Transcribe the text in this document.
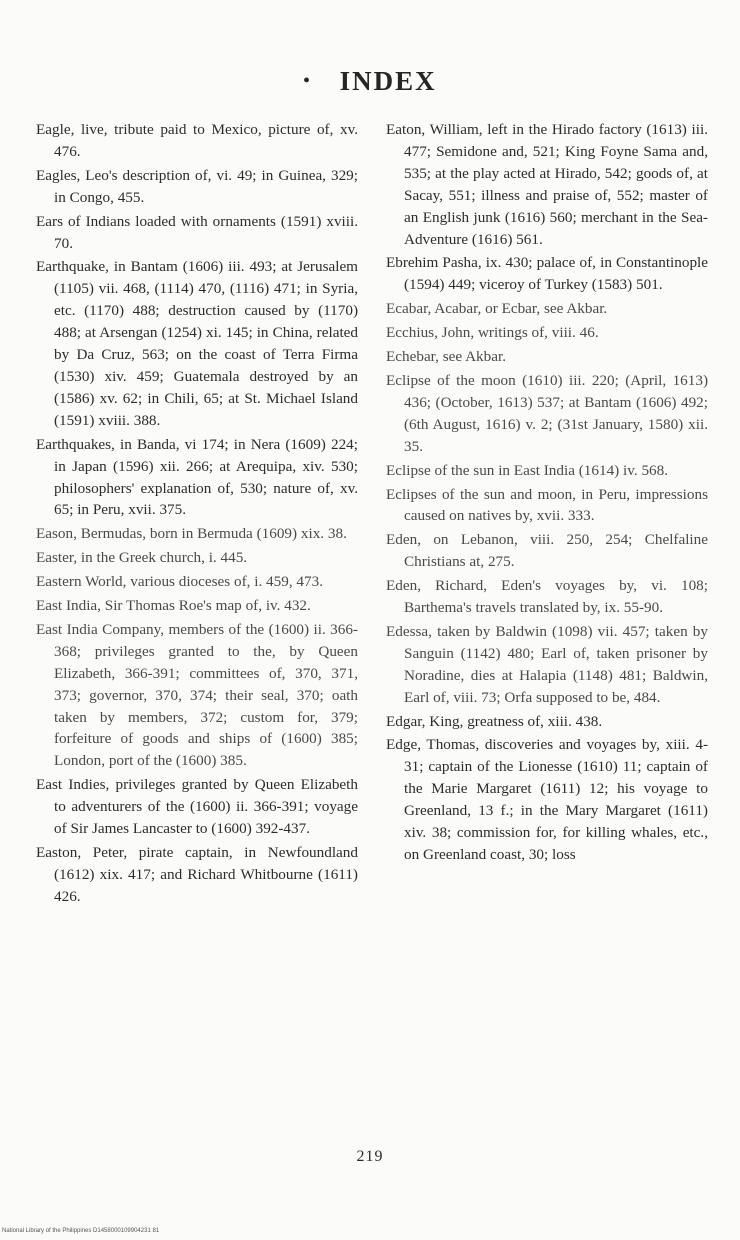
• INDEX

Eagle, live, tribute paid to Mexico, picture of, xv. 476.

Eagles, Leo's description of, vi. 49; in Guinea, 329; in Congo, 455.

Ears of Indians loaded with ornaments (1591) xviii. 70.

Earthquake, in Bantam (1606) iii. 493; at Jerusalem (1105) vii. 468, (1114) 470, (1116) 471; in Syria, etc. (1170) 488; destruction caused by (1170) 488; at Arsengan (1254) xi. 145; in China, related by Da Cruz, 563; on the coast of Terra Firma (1530) xiv. 459; Guatemala destroyed by an (1586) xv. 62; in Chili, 65; at St. Michael Island (1591) xviii. 388.

Earthquakes, in Banda, vi 174; in Nera (1609) 224; in Japan (1596) xii. 266; at Arequipa, xiv. 530; philosophers' explanation of, 530; nature of, xv. 65; in Peru, xvii. 375.

Eason, Bermudas, born in Bermuda (1609) xix. 38.

Easter, in the Greek church, i. 445.

Eastern World, various dioceses of, i. 459, 473.

East India, Sir Thomas Roe's map of, iv. 432.

East India Company, members of the (1600) ii. 366-368; privileges granted to the, by Queen Elizabeth, 366-391; committees of, 370, 371, 373; governor, 370, 374; their seal, 370; oath taken by members, 372; custom for, 379; forfeiture of goods and ships of (1600) 385; London, port of the (1600) 385.

East Indies, privileges granted by Queen Elizabeth to adventurers of the (1600) ii. 366-391; voyage of Sir James Lancaster to (1600) 392-437.

Easton, Peter, pirate captain, in Newfoundland (1612) xix. 417; and Richard Whitbourne (1611) 426.

Eaton, William, left in the Hirado factory (1613) iii. 477; Semidone and, 521; King Foyne Sama and, 535; at the play acted at Hirado, 542; goods of, at Sacay, 551; illness and praise of, 552; master of an English junk (1616) 560; merchant in the Sea-Adventure (1616) 561.

Ebrehim Pasha, ix. 430; palace of, in Constantinople (1594) 449; viceroy of Turkey (1583) 501.

Ecabar, Acabar, or Ecbar, see Akbar.

Ecchius, John, writings of, viii. 46.

Echebar, see Akbar.

Eclipse of the moon (1610) iii. 220; (April, 1613) 436; (October, 1613) 537; at Bantam (1606) 492; (6th August, 1616) v. 2; (31st January, 1580) xii. 35.

Eclipse of the sun in East India (1614) iv. 568.

Eclipses of the sun and moon, in Peru, impressions caused on natives by, xvii. 333.

Eden, on Lebanon, viii. 250, 254; Chelfaline Christians at, 275.

Eden, Richard, Eden's voyages by, vi. 108; Barthema's travels translated by, ix. 55-90.

Edessa, taken by Baldwin (1098) vii. 457; taken by Sanguin (1142) 480; Earl of, taken prisoner by Noradine, dies at Halapia (1148) 481; Baldwin, Earl of, viii. 73; Orfa supposed to be, 484.

Edgar, King, greatness of, xiii. 438.

Edge, Thomas, discoveries and voyages by, xiii. 4-31; captain of the Lionesse (1610) 11; captain of the Marie Margaret (1611) 12; his voyage to Greenland, 13 f.; in the Mary Margaret (1611) xiv. 38; commission for, for killing whales, etc., on Greenland coast, 30; loss

219
National Library of the Philippines D1458000109904231 81
